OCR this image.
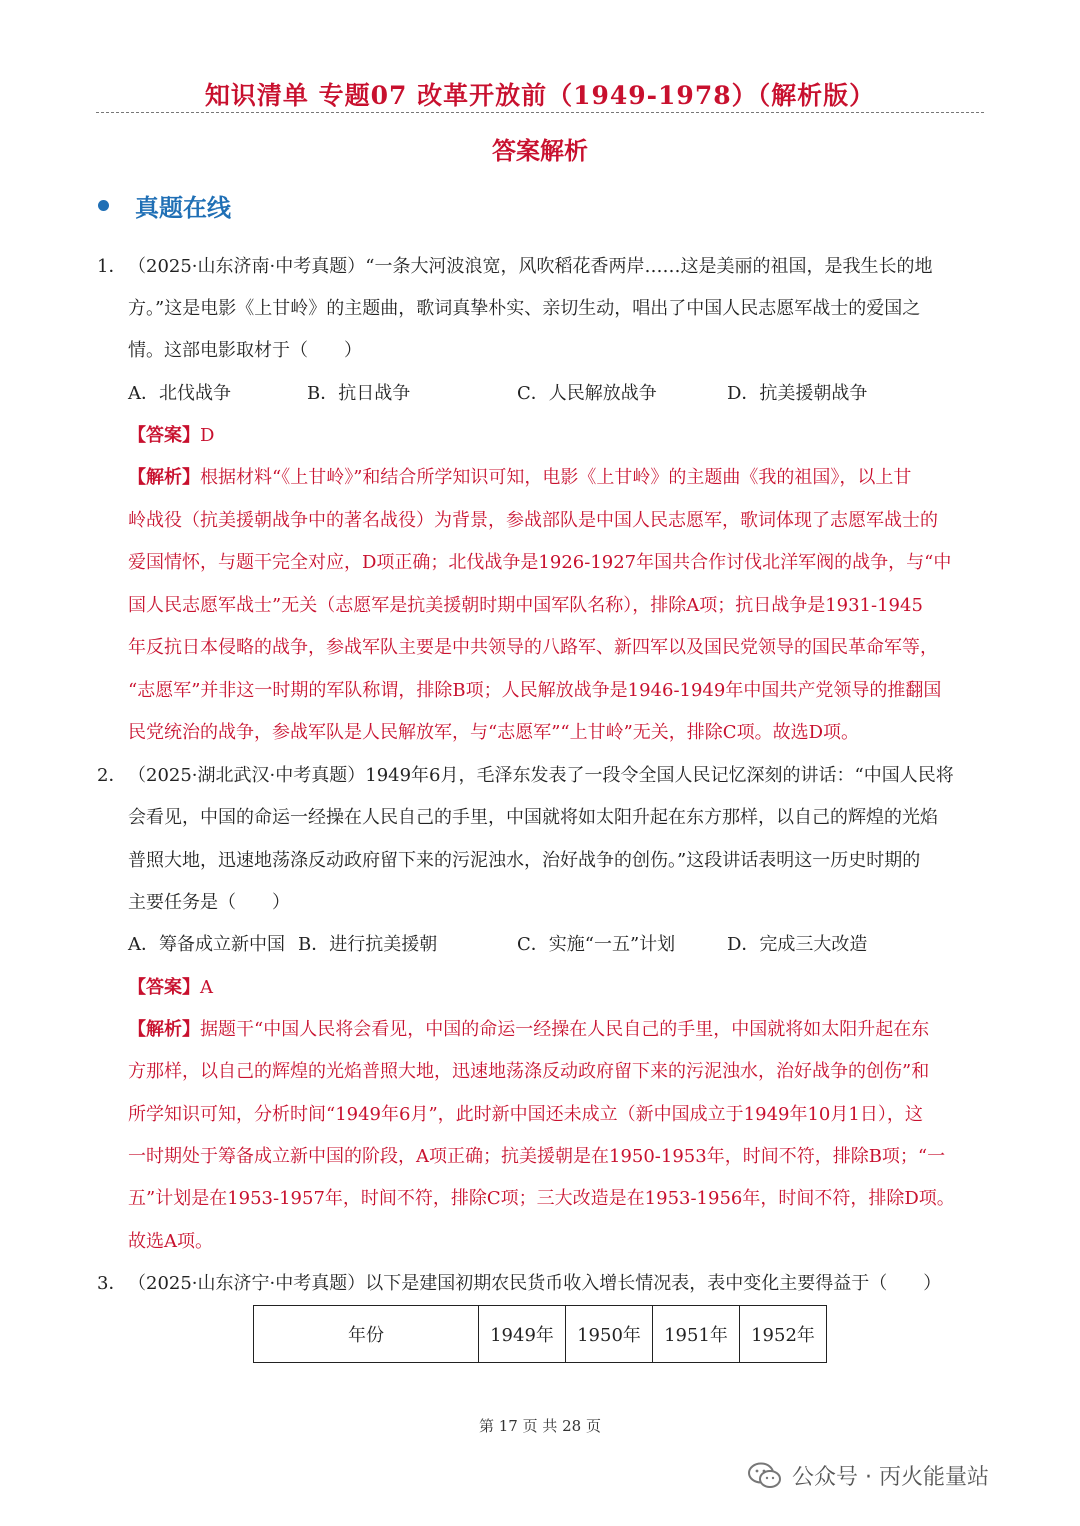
知识清单 专题07 改革开放前（1949-1978）（解析版）
答案解析
真题在线
1． （2025·山东济南·中考真题）“一条大河波浪宽，风吹稻花香两岸……这是美丽的祖国，是我生长的地
方。”这是电影《上甘岭》的主题曲，歌词真挚朴实、亲切生动，唱出了中国人民志愿军战士的爱国之
情。这部电影取材于（　　）
A．北伐战争	B．抗日战争	C．人民解放战争	D．抗美援朝战争
【答案】D
【解析】根据材料“《上甘岭》”和结合所学知识可知，电影《上甘岭》的主题曲《我的祖国》，以上甘
岭战役（抗美援朝战争中的著名战役）为背景，参战部队是中国人民志愿军，歌词体现了志愿军战士的
爱国情怀，与题干完全对应，D项正确；北伐战争是1926-1927年国共合作讨伐北洋军阀的战争，与“中
国人民志愿军战士”无关（志愿军是抗美援朝时期中国军队名称），排除A项；抗日战争是1931-1945
年反抗日本侵略的战争，参战军队主要是中共领导的八路军、新四军以及国民党领导的国民革命军等，
“志愿军”并非这一时期的军队称谓，排除B项；人民解放战争是1946-1949年中国共产党领导的推翻国
民党统治的战争，参战军队是人民解放军，与“志愿军”“上甘岭”无关，排除C项。故选D项。
2． （2025·湖北武汉·中考真题）1949年6月，毛泽东发表了一段令全国人民记忆深刻的讲话：“中国人民将
会看见，中国的命运一经操在人民自己的手里，中国就将如太阳升起在东方那样，以自己的辉煌的光焰
普照大地，迅速地荡涤反动政府留下来的污泥浊水，治好战争的创伤。”这段讲话表明这一历史时期的
主要任务是（　　）
A．筹备成立新中国 B．进行抗美援朝	C．实施“一五”计划	D．完成三大改造
【答案】A
【解析】据题干“中国人民将会看见，中国的命运一经操在人民自己的手里，中国就将如太阳升起在东
方那样，以自己的辉煌的光焰普照大地，迅速地荡涤反动政府留下来的污泥浊水，治好战争的创伤”和
所学知识可知，分析时间“1949年6月”，此时新中国还未成立（新中国成立于1949年10月1日），这
一时期处于筹备成立新中国的阶段，A项正确；抗美援朝是在1950-1953年，时间不符，排除B项；“一
五”计划是在1953-1957年，时间不符，排除C项；三大改造是在1953-1956年，时间不符，排除D项。
故选A项。
3． （2025·山东济宁·中考真题）以下是建国初期农民货币收入增长情况表，表中变化主要得益于（　　）
年份	1949年	1950年	1951年	1952年
第 17 页 共 28 页
公众号 · 丙火能量站
